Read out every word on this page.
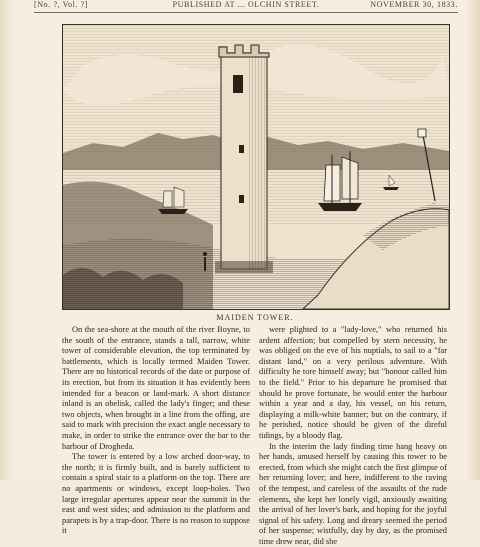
[No. ?, Vol. ?]	PUBLISHED AT ... OLCHIN STREET.	NOVEMBER 30, 1833.
MAIDEN TOWER.

On the sea-shore at the mouth of the river Boyne, to the south of the entrance, stands a tall, narrow, white tower of considerable elevation, the top terminated by battlements, which is locally termed Maiden Tower. There are no historical records of the date or purpose of its erection, but from its situation it has evidently been intended for a beacon or land-mark. A short distance inland is an obelisk, called the lady's finger; and these two objects, when brought in a line from the offing, are said to mark with precision the exact angle necessary to make, in order to strike the entrance over the bar to the harbour of Drogheda.

The tower is entered by a low arched door-way, to the north; it is firmly built, and is barely sufficient to contain a spiral stair to a platform on the top. There are no apartments or windows, except loop-holes. Two large irregular apertures appear near the summit in the east and west sides; and admission to the platform and parapets is by a trap-door. There is no reason to suppose it

were plighted to a "lady-love," who returned his ardent affection; but compelled by stern necessity, he was obliged on the eve of his nuptials, to sail to a "far distant land," on a very perilous adventure. With difficulty he tore himself away; but "honour called him to the field." Prior to his departure he promised that should he prove fortunate, he would enter the harbour within a year and a day, his vessel, on his return, displaying a milk-white banner; but on the contrary, if he perished, notice should be given of the direful tidings, by a bloody flag.

In the interim the lady finding time hang heavy on her hands, amused herself by causing this tower to be erected, from which she might catch the first glimpse of her returning lover; and here, indifferent to the raving of the tempest, and careless of the assaults of the rude elements, she kept her lonely vigil, anxiously awaiting the arrival of her lover's bark, and hoping for the joyful signal of his safety. Long and dreary seemed the period of her suspense; wistfully, day by day, as the promised time drew near, did she
